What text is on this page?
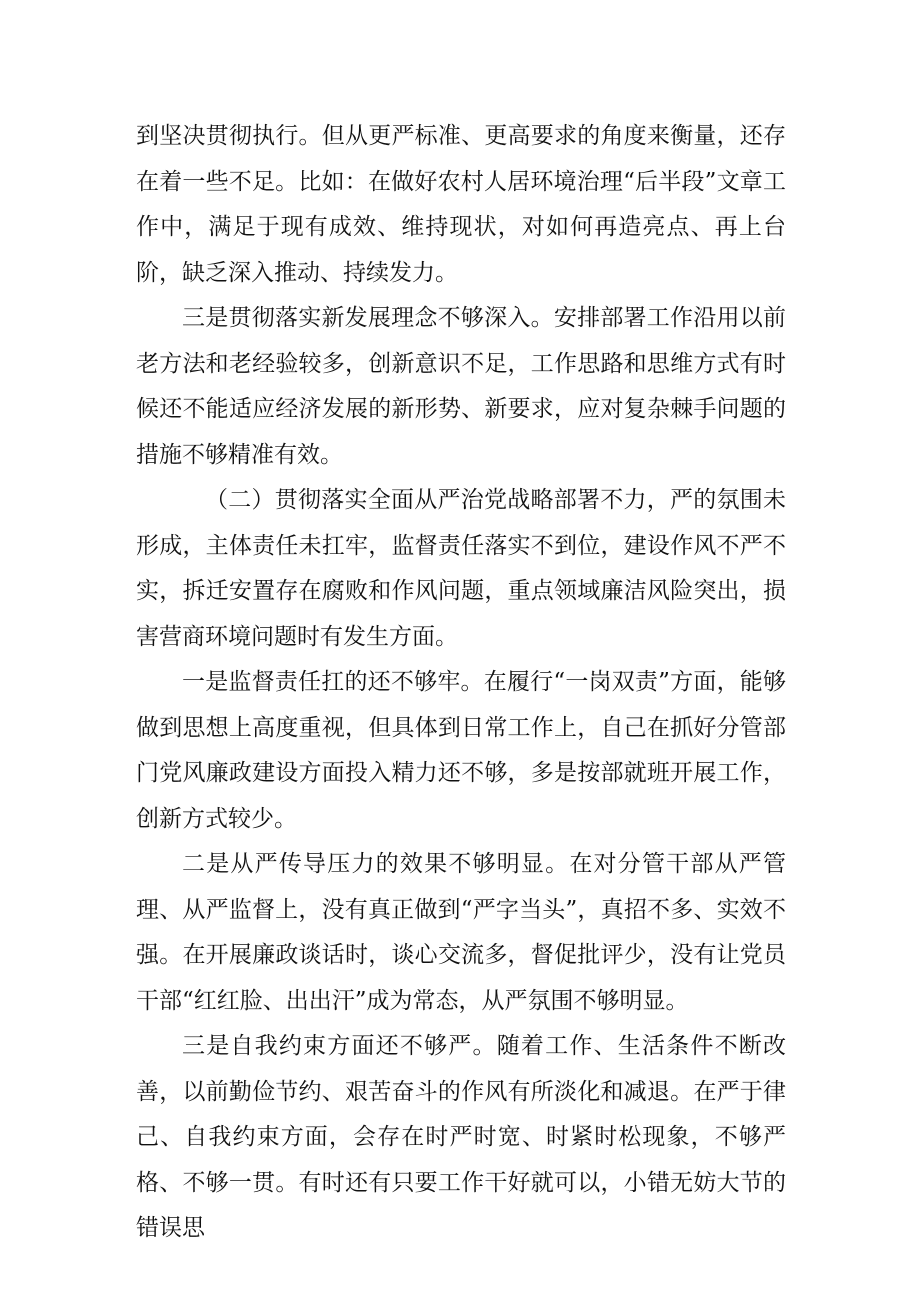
到坚决贯彻执行。但从更严标准、更高要求的角度来衡量，还存在着一些不足。比如：在做好农村人居环境治理“后半段”文章工作中，满足于现有成效、维持现状，对如何再造亮点、再上台阶，缺乏深入推动、持续发力。

三是贯彻落实新发展理念不够深入。安排部署工作沿用以前老方法和老经验较多，创新意识不足，工作思路和思维方式有时候还不能适应经济发展的新形势、新要求，应对复杂棘手问题的措施不够精准有效。

（二）贯彻落实全面从严治党战略部署不力，严的氛围未形成，主体责任未扛牢，监督责任落实不到位，建设作风不严不实，拆迁安置存在腐败和作风问题，重点领域廉洁风险突出，损害营商环境问题时有发生方面。

一是监督责任扛的还不够牢。在履行“一岗双责”方面，能够做到思想上高度重视，但具体到日常工作上，自己在抓好分管部门党风廉政建设方面投入精力还不够，多是按部就班开展工作，创新方式较少。

二是从严传导压力的效果不够明显。在对分管干部从严管理、从严监督上，没有真正做到“严字当头”，真招不多、实效不强。在开展廉政谈话时，谈心交流多，督促批评少，没有让党员干部“红红脸、出出汗”成为常态，从严氛围不够明显。

三是自我约束方面还不够严。随着工作、生活条件不断改善，以前勤俭节约、艰苦奋斗的作风有所淡化和减退。在严于律己、自我约束方面，会存在时严时宽、时紧时松现象，不够严格、不够一贯。有时还有只要工作干好就可以，小错无妨大节的错误思
